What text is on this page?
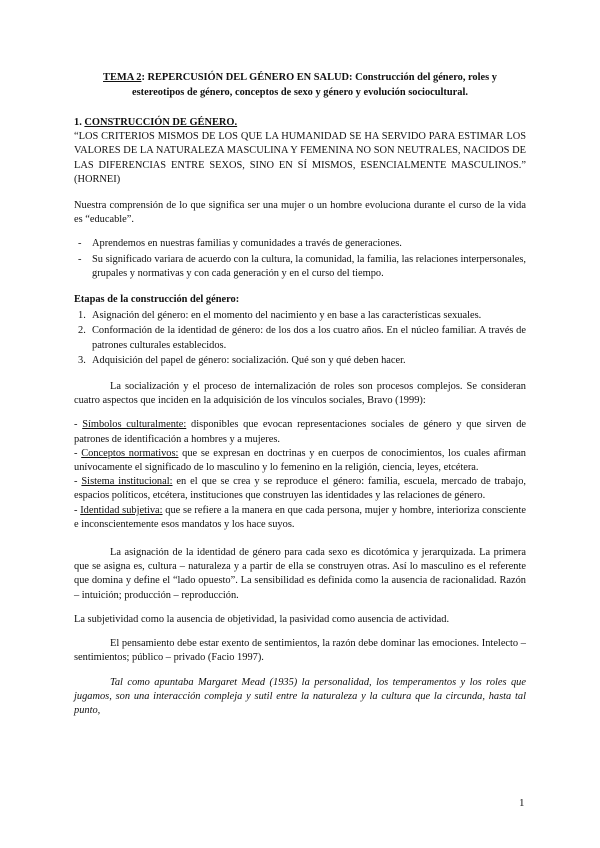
TEMA 2: REPERCUSIÓN DEL GÉNERO EN SALUD: Construcción del género, roles y estereotipos de género, conceptos de sexo y género y evolución sociocultural.
1. CONSTRUCCIÓN DE GÉNERO.
“LOS CRITERIOS MISMOS DE LOS QUE LA HUMANIDAD SE HA SERVIDO PARA ESTIMAR LOS VALORES DE LA NATURALEZA MASCULINA Y FEMENINA NO SON NEUTRALES, NACIDOS DE LAS DIFERENCIAS ENTRE SEXOS, SINO EN SÍ MISMOS, ESENCIALMENTE MASCULINOS.” (HORNEI)

Nuestra comprensión de lo que significa ser una mujer o un hombre evoluciona durante el curso de la vida es “educable”.

- Aprendemos en nuestras familias y comunidades a través de generaciones.
- Su significado variara de acuerdo con la cultura, la comunidad, la familia, las relaciones interpersonales, grupales y normativas y con cada generación y en el curso del tiempo.
Etapas de la construcción del género:
1. Asignación del género: en el momento del nacimiento y en base a las características sexuales.
2. Conformación de la identidad de género: de los dos a los cuatro años. En el núcleo familiar. A través de patrones culturales establecidos.
3. Adquisición del papel de género: socialización. Qué son y qué deben hacer.

La socialización y el proceso de internalización de roles son procesos complejos. Se consideran cuatro aspectos que inciden en la adquisición de los vínculos sociales, Bravo (1999):

- Símbolos culturalmente: disponibles que evocan representaciones sociales de género y que sirven de patrones de identificación a hombres y a mujeres.
- Conceptos normativos: que se expresan en doctrinas y en cuerpos de conocimientos, los cuales afirman unívocamente el significado de lo masculino y lo femenino en la religión, ciencia, leyes, etcétera.
- Sistema institucional: en el que se crea y se reproduce el género: familia, escuela, mercado de trabajo, espacios políticos, etcétera, instituciones que construyen las identidades y las relaciones de género.
- Identidad subjetiva: que se refiere a la manera en que cada persona, mujer y hombre, interioriza consciente e inconscientemente esos mandatos y los hace suyos.

La asignación de la identidad de género para cada sexo es dicotómica y jerarquizada. La primera que se asigna es, cultura – naturaleza y a partir de ella se construyen otras. Así lo masculino es el referente que domina y define el “lado opuesto”. La sensibilidad es definida como la ausencia de racionalidad. Razón – intuición; producción – reproducción.

La subjetividad como la ausencia de objetividad, la pasividad como ausencia de actividad.

El pensamiento debe estar exento de sentimientos, la razón debe dominar las emociones. Intelecto – sentimientos; público – privado (Facio 1997).

Tal como apuntaba Margaret Mead (1935) la personalidad, los temperamentos y los roles que jugamos, son una interacción compleja y sutil entre la naturaleza y la cultura que la circunda, hasta tal punto,
1
